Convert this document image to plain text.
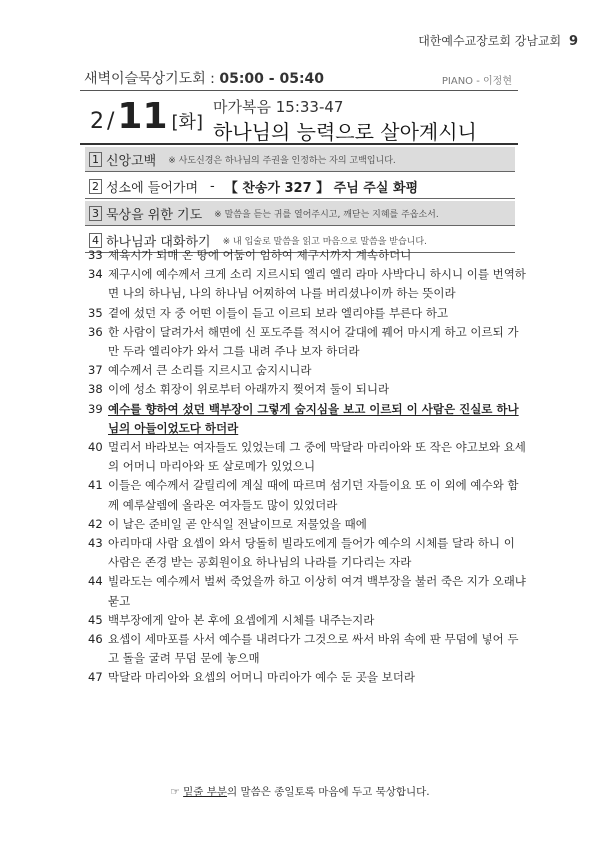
대한예수교장로회 강남교회 9
새벽이슬묵상기도회 : 05:00 - 05:40	PIANO - 이정현
2 /11 [화]
마가복음 15:33-47
하나님의 능력으로 살아계시니
1 신앙고백 ※ 사도신경은 하나님의 주권을 인정하는 자의 고백입니다.
2 성소에 들어가며 - 【 찬송가 327 】 주님 주실 화평
3 묵상을 위한 기도 ※ 말씀을 듣는 귀를 열어주시고, 깨닫는 지혜를 주옵소서.
4 하나님과 대화하기 ※ 내 입술로 말씀을 읽고 마음으로 말씀을 받습니다.
33 제육시가 되매 온 땅에 어둠이 임하여 제구시까지 계속하더니
34 제구시에 예수께서 크게 소리 지르시되 엘리 엘리 라마 사박다니 하시니 이를 번역하면 나의 하나님, 나의 하나님 어찌하여 나를 버리셨나이까 하는 뜻이라
35 곁에 섰던 자 중 어떤 이들이 듣고 이르되 보라 엘리야를 부른다 하고
36 한 사람이 달려가서 해면에 신 포도주를 적시어 갈대에 꿰어 마시게 하고 이르되 가만 두라 엘리야가 와서 그를 내려 주나 보자 하더라
37 예수께서 큰 소리를 지르시고 숨지시니라
38 이에 성소 휘장이 위로부터 아래까지 찢어져 둘이 되니라
39 예수를 향하여 섰던 백부장이 그렇게 숨지심을 보고 이르되 이 사람은 진실로 하나님의 아들이었도다 하더라
40 멀리서 바라보는 여자들도 있었는데 그 중에 막달라 마리아와 또 작은 야고보와 요세의 어머니 마리아와 또 살로메가 있었으니
41 이들은 예수께서 갈릴리에 계실 때에 따르며 섬기던 자들이요 또 이 외에 예수와 함께 예루살렘에 올라온 여자들도 많이 있었더라
42 이 날은 준비일 곧 안식일 전날이므로 저물었을 때에
43 아리마대 사람 요셉이 와서 당돌히 빌라도에게 들어가 예수의 시체를 달라 하니 이 사람은 존경 받는 공회원이요 하나님의 나라를 기다리는 자라
44 빌라도는 예수께서 벌써 죽었을까 하고 이상히 여겨 백부장을 불러 죽은 지가 오래냐 묻고
45 백부장에게 알아 본 후에 요셉에게 시체를 내주는지라
46 요셉이 세마포를 사서 예수를 내려다가 그것으로 싸서 바위 속에 판 무덤에 넣어 두고 돌을 굴려 무덤 문에 놓으매
47 막달라 마리아와 요셉의 어머니 마리아가 예수 둔 곳을 보더라
☞ 밑줄 부분의 말씀은 종일토록 마음에 두고 묵상합니다.
